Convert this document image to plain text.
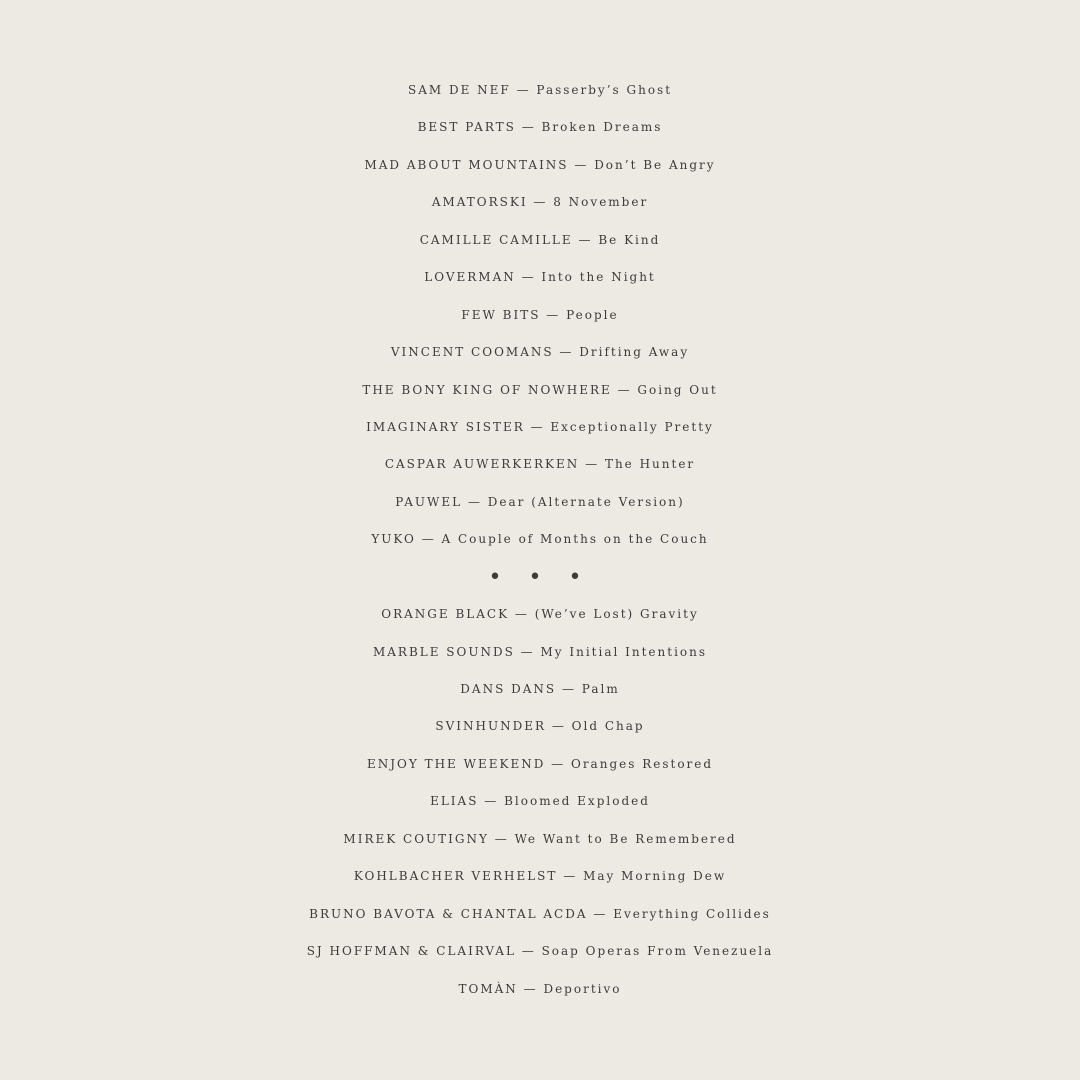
SAM DE NEF — Passerby’s Ghost
BEST PARTS — Broken Dreams
MAD ABOUT MOUNTAINS — Don’t Be Angry
AMATORSKI — 8 November
CAMILLE CAMILLE — Be Kind
LOVERMAN — Into the Night
FEW BITS — People
VINCENT COOMANS — Drifting Away
THE BONY KING OF NOWHERE — Going Out
IMAGINARY SISTER — Exceptionally Pretty
CASPAR AUWERKERKEN — The Hunter
PAUWEL — Dear (Alternate Version)
YUKO — A Couple of Months on the Couch
• • •
ORANGE BLACK — (We’ve Lost) Gravity
MARBLE SOUNDS — My Initial Intentions
DANS DANS — Palm
SVINHUNDER — Old Chap
ENJOY THE WEEKEND — Oranges Restored
ELIAS — Bloomed Exploded
MIREK COUTIGNY — We Want to Be Remembered
KOHLBACHER VERHELST — May Morning Dew
BRUNO BAVOTA & CHANTAL ACDA — Everything Collides
SJ HOFFMAN & CLAIRVAL — Soap Operas From Venezuela
TOMÀN — Deportivo
